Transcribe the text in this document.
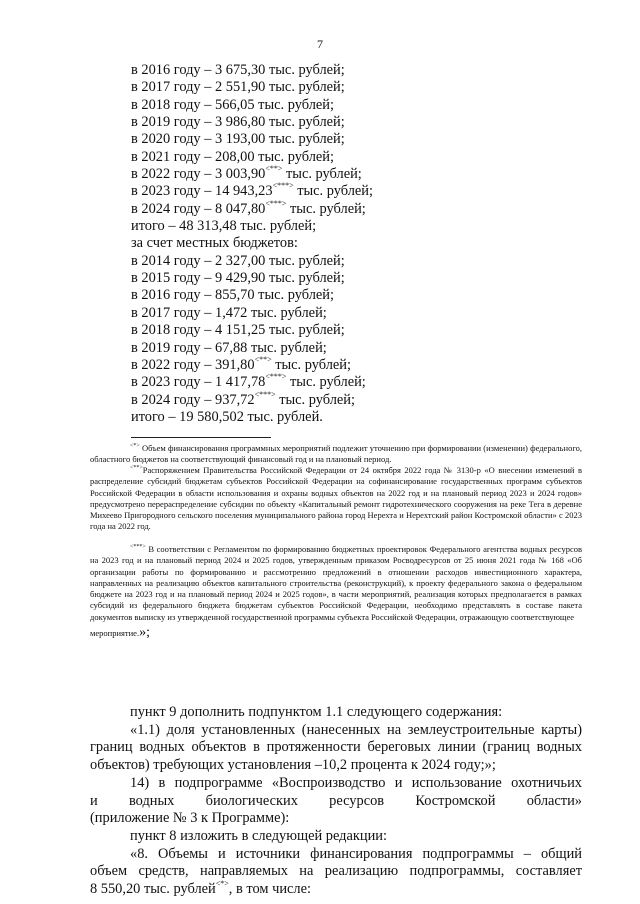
7
в 2016 году – 3 675,30 тыс. рублей;
в 2017 году – 2 551,90 тыс. рублей;
в 2018 году – 566,05 тыс. рублей;
в 2019 году – 3 986,80 тыс. рублей;
в 2020 году – 3 193,00 тыс. рублей;
в 2021 году – 208,00 тыс. рублей;
в 2022 году – 3 003,90<**> тыс. рублей;
в 2023 году – 14 943,23<***> тыс. рублей;
в 2024 году – 8 047,80<***> тыс. рублей;
итого – 48 313,48 тыс. рублей;
за счет местных бюджетов:
в 2014 году – 2 327,00 тыс. рублей;
в 2015 году – 9 429,90 тыс. рублей;
в 2016 году – 855,70 тыс. рублей;
в 2017 году – 1,472 тыс. рублей;
в 2018 году – 4 151,25 тыс. рублей;
в 2019 году – 67,88 тыс. рублей;
в 2022 году – 391,80<**> тыс. рублей;
в 2023 году – 1 417,78<***> тыс. рублей;
в 2024 году – 937,72<***> тыс. рублей;
итого – 19 580,502 тыс. рублей.

<*> Объем финансирования программных мероприятий подлежит уточнению при формировании (изменении) федерального, областного бюджетов на соответствующий финансовый год и на плановый период.

<**>Распоряжением Правительства Российской Федерации от 24 октября 2022 года № 3130-р «О внесении изменений в распределение субсидий бюджетам субъектов Российской Федерации на софинансирование государственных программ субъектов Российской Федерации в области использования и охраны водных объектов на 2022 год и на плановый период 2023 и 2024 годов» предусмотрено перераспределение субсидии по объекту «Капитальный ремонт гидротехнического сооружения на реке Тега в деревне Михеево Пригородного сельского поселения муниципального района город Нерехта и Нерехтский район Костромской области» с 2023 года на 2022 год.

<***> В соответствии с Регламентом по формированию бюджетных проектировок Федерального агентства водных ресурсов на 2023 год и на плановый период 2024 и 2025 годов, утвержденным приказом Росводресурсов от 25 июня 2021 года № 168 «Об организации работы по формированию и рассмотрению предложений в отношении расходов инвестиционного характера, направленных на реализацию объектов капитального строительства (реконструкций), к проекту федерального закона о федеральном бюджете на 2023 год и на плановый период 2024 и 2025 годов», в части мероприятий, реализация которых предполагается в рамках субсидий из федерального бюджета бюджетам субъектов Российской Федерации, необходимо представлять в составе пакета документов выписку из утвержденной государственной программы субъекта Российской Федерации, отражающую соответствующее

мероприятие.»;

пункт 9 дополнить подпунктом 1.1 следующего содержания:

«1.1) доля установленных (нанесенных на землеустроительные карты) границ водных объектов в протяженности береговых линии (границ водных объектов) требующих установления –10,2 процента к 2024 году;»;

14) в подпрограмме «Воспроизводство и использование охотничьих

и водных биологических ресурсов Костромской области»

(приложение № 3 к Программе):

пункт 8 изложить в следующей редакции:

«8. Объемы и источники финансирования подпрограммы – общий

объем средств, направляемых на реализацию подпрограммы, составляет

8 550,20 тыс. рублей<*>, в том числе:
